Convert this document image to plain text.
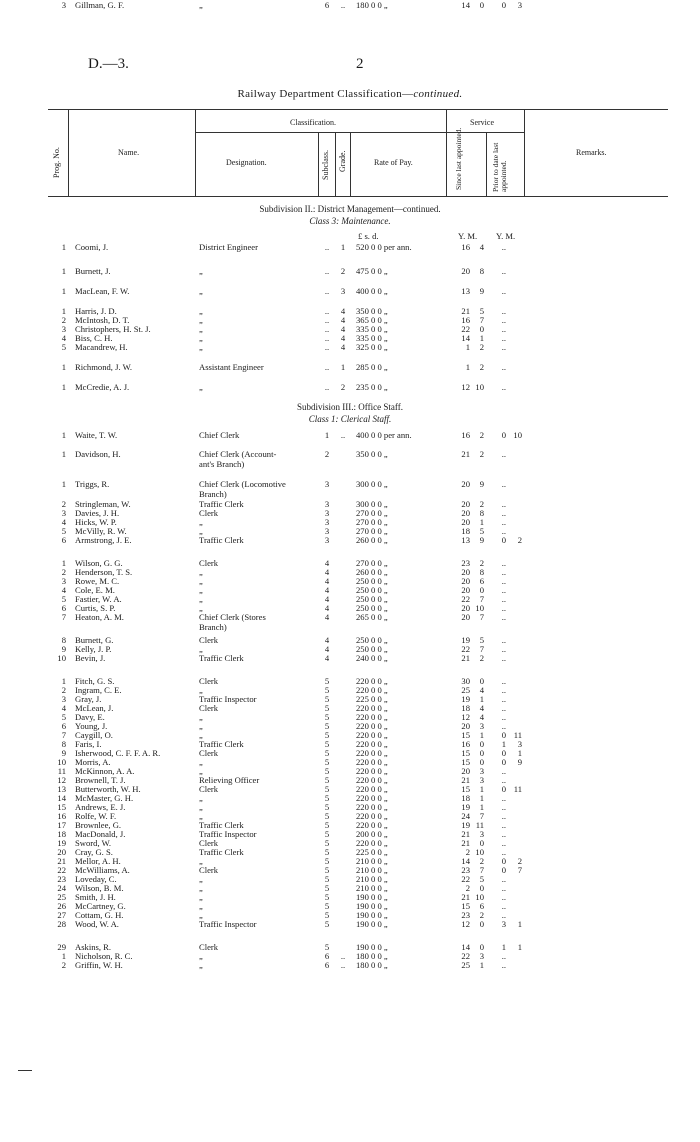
D.—3.	2
Railway Department Classification—continued.
Prog. No.	Name.
Classification.
Designation.	Subclass. Grade.	Rate of Pay.
Service
Since last appointed.	Prior to date last appointed.
Remarks.
Subdivision II.: District Management—continued.
Class 3: Maintenance.
£ s. d.	Y. M. Y. M.
Subdivision III.: Office Staff.
Class 1: Clerical Staff.
1 Coomi, J.	District Engineer	..	1	520 0 0 per ann.	16	4	..
1 Burnett, J.	„	..	2	475 0 0 „	20	8	..
1 MacLean, F. W.	„	..	3	400 0 0 „	13	9	..
1 Harris, J. D.	„	..	4	350 0 0 „	21	5	..
2 McIntosh, D. T.	„	..	4	365 0 0 „	16	7	..
3 Christophers, H. St. J.	„	..	4	335 0 0 „	22	0	..
4 Biss, C. H.	„	..	4	335 0 0 „	14	1	..
5 Macandrew, H.	„	..	4	325 0 0 „	1	2	..
1 Richmond, J. W.	Assistant Engineer	..	1	285 0 0 „	1	2	..
1 McCredie, A. J.	„	..	2	235 0 0 „	12 10	..
1 Waite, T. W.	Chief Clerk	1	..	400 0 0 per ann.	16	2	0 10
1 Davidson, H.	Chief Clerk (Account-	2	350 0 0 „	21	2	..
ant's Branch)
1 Triggs, R.	Chief Clerk (Locomotive	3	300 0 0 „	20	9	..
Branch)
2 Stringleman, W.	Traffic Clerk	3	300 0 0 „	20	2	..
3 Davies, J. H.	Clerk	3	270 0 0 „	20	8	..
4 Hicks, W. P.	„	3	270 0 0 „	20	1	..
5 McVilly, R. W.	„	3	270 0 0 „	18	5	..
6 Armstrong, J. E.	Traffic Clerk	3	260 0 0 „	13	9	0	2
1 Wilson, G. G.	Clerk	4	270 0 0 „	23	2	..
2 Henderson, T. S.	„	4	260 0 0 „	20	8	..
3 Rowe, M. C.	„	4	250 0 0 „	20	6	..
4 Cole, E. M.	„	4	250 0 0 „	20	0	..
5 Fastier, W. A.	„	4	250 0 0 „	22	7	..
6 Curtis, S. P.	„	4	250 0 0 „	20 10	..
7 Heaton, A. M.	Chief Clerk (Stores	4	265 0 0 „	20	7	..
Branch)
8 Burnett, G.	Clerk	4	250 0 0 „	19	5	..
9 Kelly, J. P.	„	4	250 0 0 „	22	7	..
10 Bevin, J.	Traffic Clerk	4	240 0 0 „	21	2	..
1 Fitch, G. S.	Clerk	5	220 0 0 „	30	0	..
2 Ingram, C. E.	„	5	220 0 0 „	25	4	..
3 Gray, J.	Traffic Inspector	5	225 0 0 „	19	1	..
4 McLean, J.	Clerk	5	220 0 0 „	18	4	..
5 Davy, E.	„	5	220 0 0 „	12	4	..
6 Young, J.	„	5	220 0 0 „	20	3	..
7 Caygill, O.	„	5	220 0 0 „	15	1	0 11
8 Faris, I.	Traffic Clerk	5	220 0 0 „	16	0	1	3
9 Isherwood, C. F. F. A. R.	Clerk	5	220 0 0 „	15	0	0	1
10 Morris, A.	„	5	220 0 0 „	15	0	0	9
11 McKinnon, A. A.	„	5	220 0 0 „	20	3	..
12 Brownell, T. J.	Relieving Officer	5	220 0 0 „	21	3	..
13 Butterworth, W. H.	Clerk	5	220 0 0 „	15	1	0 11
14 McMaster, G. H.	„	5	220 0 0 „	18	1	..
15 Andrews, E. J.	„	5	220 0 0 „	19	1	..
16 Rolfe, W. F.	„	5	220 0 0 „	24	7	..
17 Brownlee, G.	Traffic Clerk	5	220 0 0 „	19 11	..
18 MacDonald, J.	Traffic Inspector	5	200 0 0 „	21	3	..
19 Sword, W.	Clerk	5	220 0 0 „	21	0	..
20 Cray, G. S.	Traffic Clerk	5	225 0 0 „	2 10	..
21 Mellor, A. H.	„	5	210 0 0 „	14	2	0	2
22 McWilliams, A.	Clerk	5	210 0 0 „	23	7	0	7
23 Loveday, C.	„	5	210 0 0 „	22	5	..
24 Wilson, B. M.	„	5	210 0 0 „	2	0	..
25 Smith, J. H.	„	5	190 0 0 „	21 10	..
26 McCartney, G.	„	5	190 0 0 „	15	6	..
27 Cottam, G. H.	„	5	190 0 0 „	23	2	..
28 Wood, W. A.	Traffic Inspector	5	190 0 0 „	12	0	3	1
29 Askins, R.	Clerk	5	190 0 0 „	14	0	1	1
1 Nicholson, R. C.	„	6	..	180 0 0 „	22	3	..
2 Griffin, W. H.	„	6	..	180 0 0 „	25	1	..
3 Gillman, G. F.	„	6	..	180 0 0 „	14	0	0	3
